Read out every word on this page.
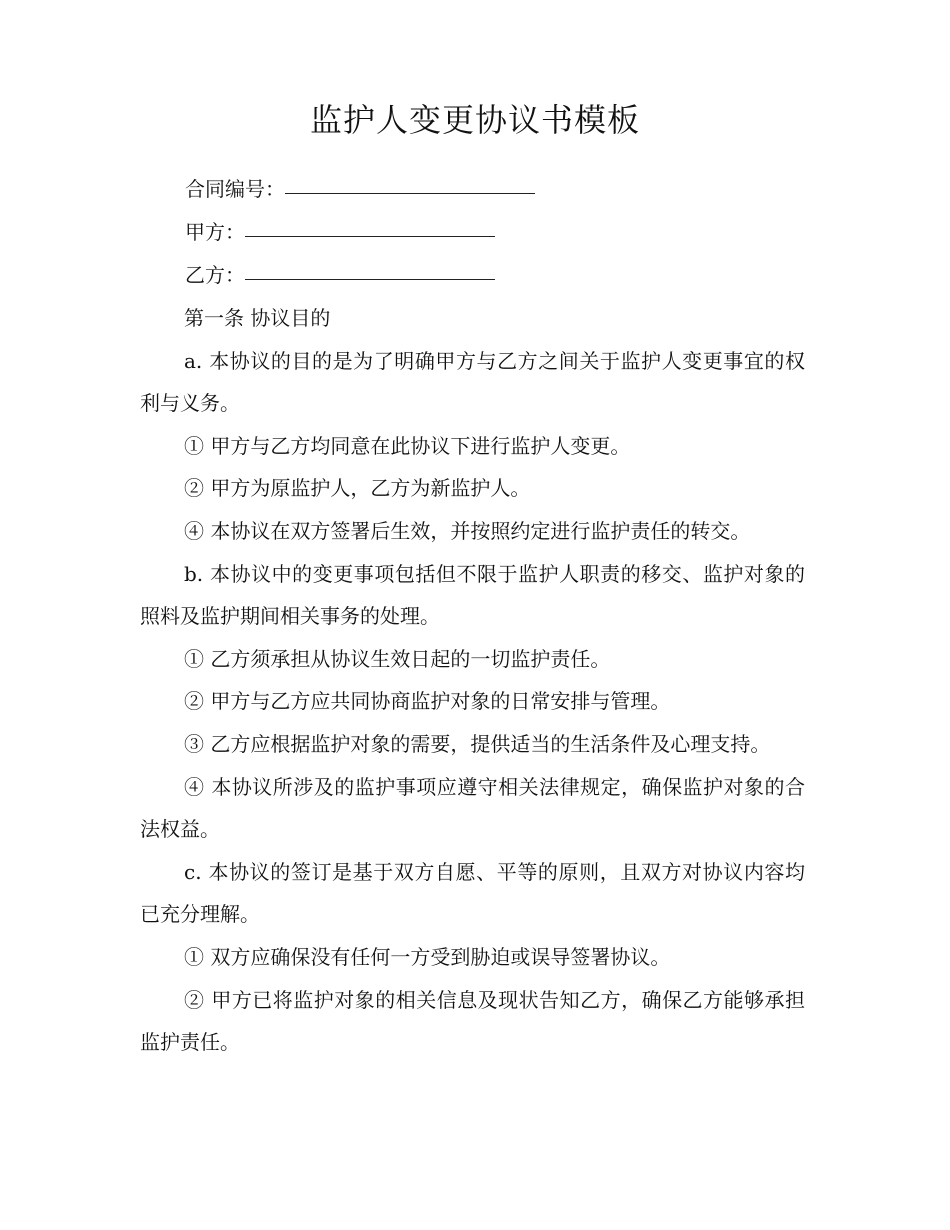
监护人变更协议书模板
合同编号：
甲方：
乙方：

第一条 协议目的

a. 本协议的目的是为了明确甲方与乙方之间关于监护人变更事宜的权利与义务。

① 甲方与乙方均同意在此协议下进行监护人变更。

② 甲方为原监护人，乙方为新监护人。

④ 本协议在双方签署后生效，并按照约定进行监护责任的转交。

b. 本协议中的变更事项包括但不限于监护人职责的移交、监护对象的照料及监护期间相关事务的处理。

① 乙方须承担从协议生效日起的一切监护责任。

② 甲方与乙方应共同协商监护对象的日常安排与管理。

③ 乙方应根据监护对象的需要，提供适当的生活条件及心理支持。

④ 本协议所涉及的监护事项应遵守相关法律规定，确保监护对象的合法权益。

c. 本协议的签订是基于双方自愿、平等的原则，且双方对协议内容均已充分理解。

① 双方应确保没有任何一方受到胁迫或误导签署协议。

② 甲方已将监护对象的相关信息及现状告知乙方，确保乙方能够承担监护责任。
